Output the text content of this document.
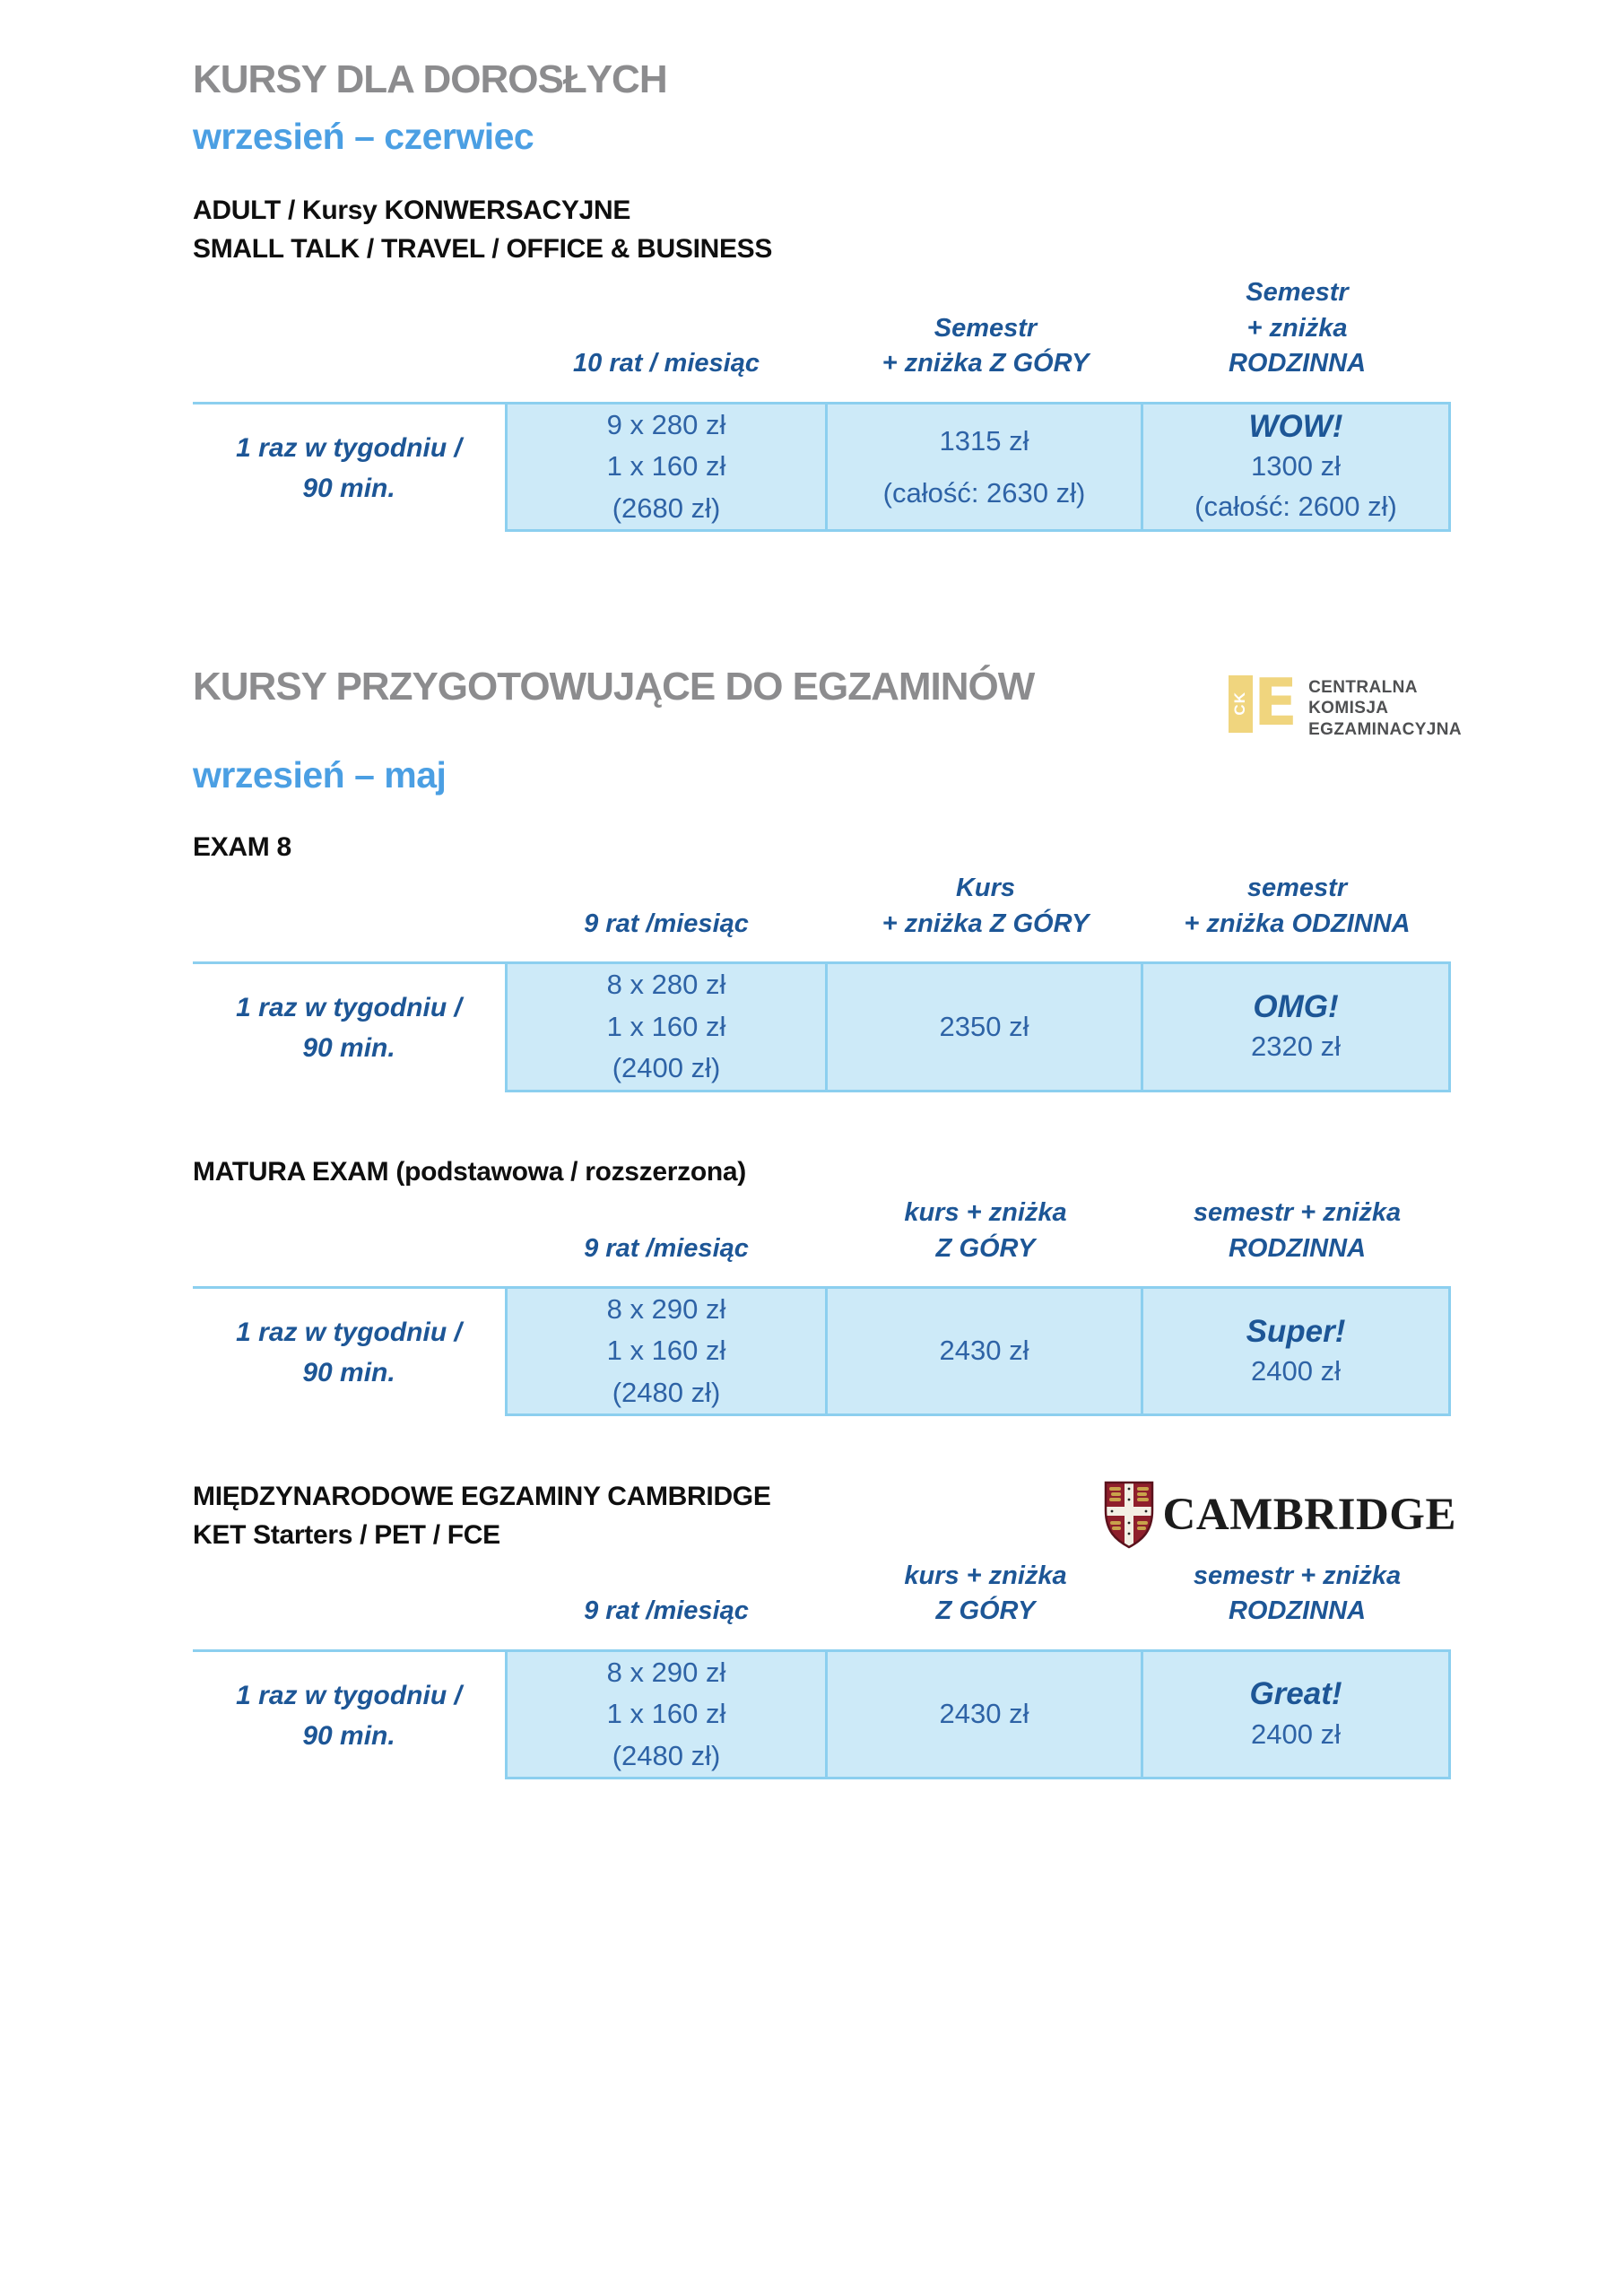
KURSY DLA DOROSŁYCH
wrzesień – czerwiec
ADULT / Kursy KONWERSACYJNE
SMALL TALK / TRAVEL / OFFICE & BUSINESS
10 rat / miesiąc
Semestr
+ zniżka Z GÓRY
Semestr
+ zniżka
RODZINNA
1 raz w tygodniu /
90 min.
9 x 280 zł
1 x 160 zł
(2680 zł)
1315 zł
(całość: 2630 zł)
WOW!
1300 zł
(całość: 2600 zł)
KURSY PRZYGOTOWUJĄCE DO EGZAMINÓW	CK E CENTRALNA
KOMISJA
EGZAMINACYJNA
wrzesień – maj
EXAM 8
9 rat /miesiąc
Kurs
+ zniżka Z GÓRY
semestr
+ zniżka ODZINNA
1 raz w tygodniu /
90 min.
8 x 280 zł
1 x 160 zł
(2400 zł)
2350 zł
OMG!
2320 zł
MATURA EXAM (podstawowa / rozszerzona)
9 rat /miesiąc
kurs + zniżka
Z GÓRY
semestr + zniżka
RODZINNA
1 raz w tygodniu /
90 min.
8 x 290 zł
1 x 160 zł
(2480 zł)
2430 zł
Super!
2400 zł
MIĘDZYNARODOWE EGZAMINY CAMBRIDGE
KET Starters / PET / FCE	CAMBRIDGE
9 rat /miesiąc
kurs + zniżka
Z GÓRY
semestr + zniżka
RODZINNA
1 raz w tygodniu /
90 min.
8 x 290 zł
1 x 160 zł
(2480 zł)
2430 zł
Great!
2400 zł
